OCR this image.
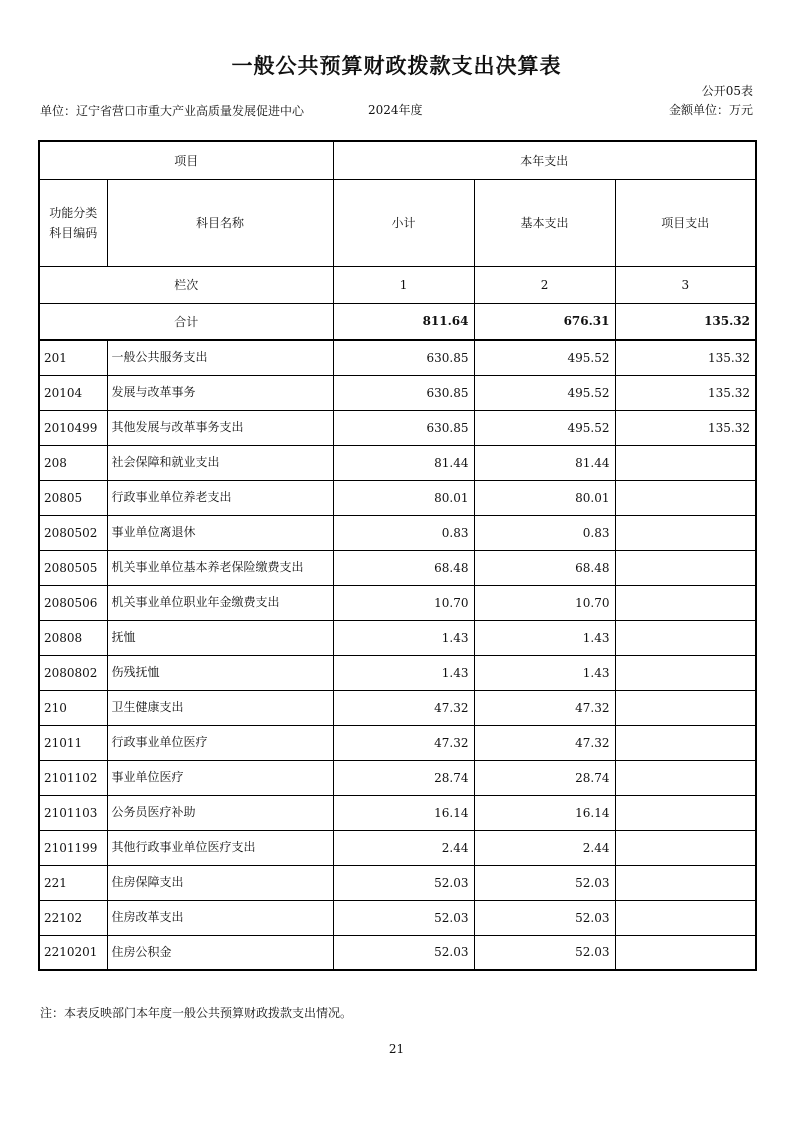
一般公共预算财政拨款支出决算表
公开05表
单位：辽宁省营口市重大产业高质量发展促进中心	2024年度	金额单位：万元
项目		本年支出		
功能分类科目编码	科目名称	小计	基本支出	项目支出
栏次		1	2	3
合计		811.64	676.31	135.32
201	一般公共服务支出	630.85	495.52	135.32
20104	发展与改革事务	630.85	495.52	135.32
2010499	其他发展与改革事务支出	630.85	495.52	135.32
208	社会保障和就业支出	81.44	81.44	
20805	行政事业单位养老支出	80.01	80.01	
2080502	事业单位离退休	0.83	0.83	
2080505	机关事业单位基本养老保险缴费支出	68.48	68.48	
2080506	机关事业单位职业年金缴费支出	10.70	10.70	
20808	抚恤	1.43	1.43	
2080802	伤残抚恤	1.43	1.43	
210	卫生健康支出	47.32	47.32	
21011	行政事业单位医疗	47.32	47.32	
2101102	事业单位医疗	28.74	28.74	
2101103	公务员医疗补助	16.14	16.14	
2101199	其他行政事业单位医疗支出	2.44	2.44	
221	住房保障支出	52.03	52.03	
22102	住房改革支出	52.03	52.03	
2210201	住房公积金	52.03	52.03	
注：本表反映部门本年度一般公共预算财政拨款支出情况。
21
